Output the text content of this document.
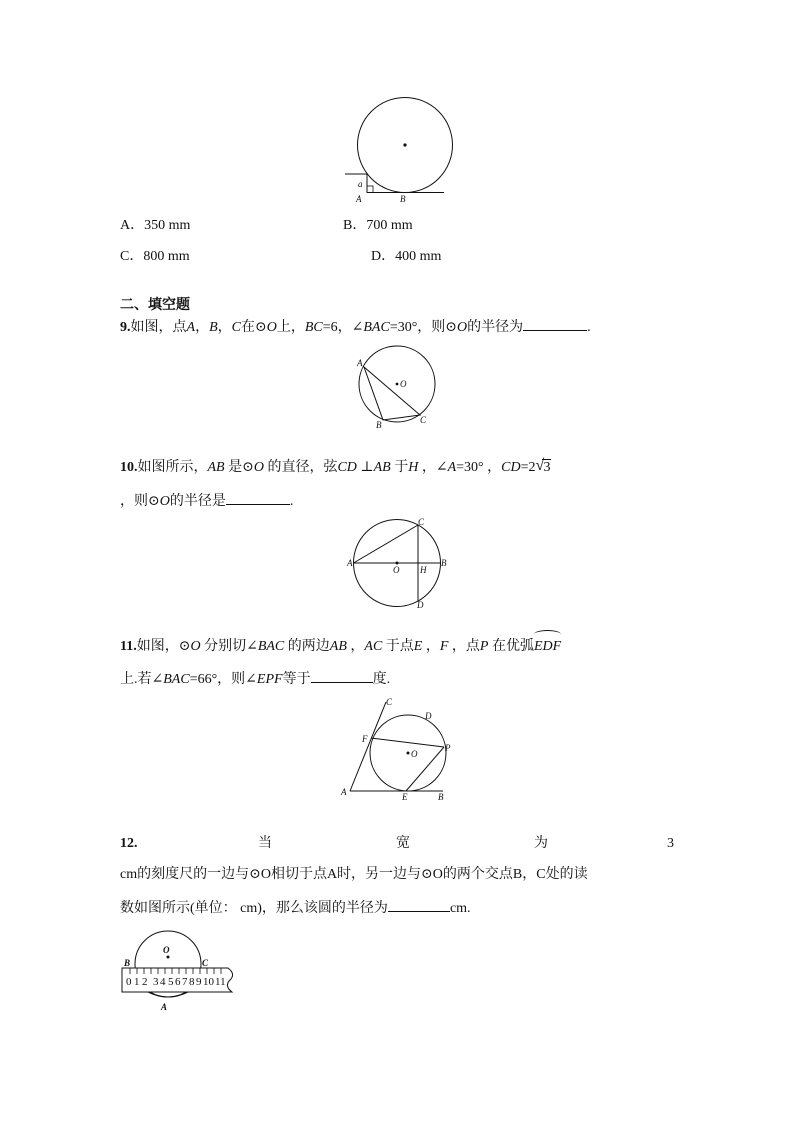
a
A	B
A．350 mm	B．700 mm
C．800 mm	D．400 mm
二、填空题
9.如图，点A，B，C在⊙O上，BC=6，∠BAC=30°，则⊙O的半径为	.
A
B	C
O
10.如图所示，AB 是⊙O 的直径，弦CD ⊥AB 于H ，∠A=30° ，CD=2 √ 3
，则⊙O的半径是	.
A	B
C
D
O H
11.如图，⊙O 分别切∠BAC 的两边AB ，AC 于点E ，F ，点P 在优弧
EDF
上.若∠BAC=66°，则∠EPF等于	度.
A	B
C
D
E
F
P
O
12.	当	宽	为	3
cm的刻度尺的一边与⊙O相切于点A时，另一边与⊙O的两个交点B，C处的读
数如图所示(单位： cm)，那么该圆的半径为	cm.
0 1 2 3 4 5 6 7 8 9 10 11
O
B	C
A
